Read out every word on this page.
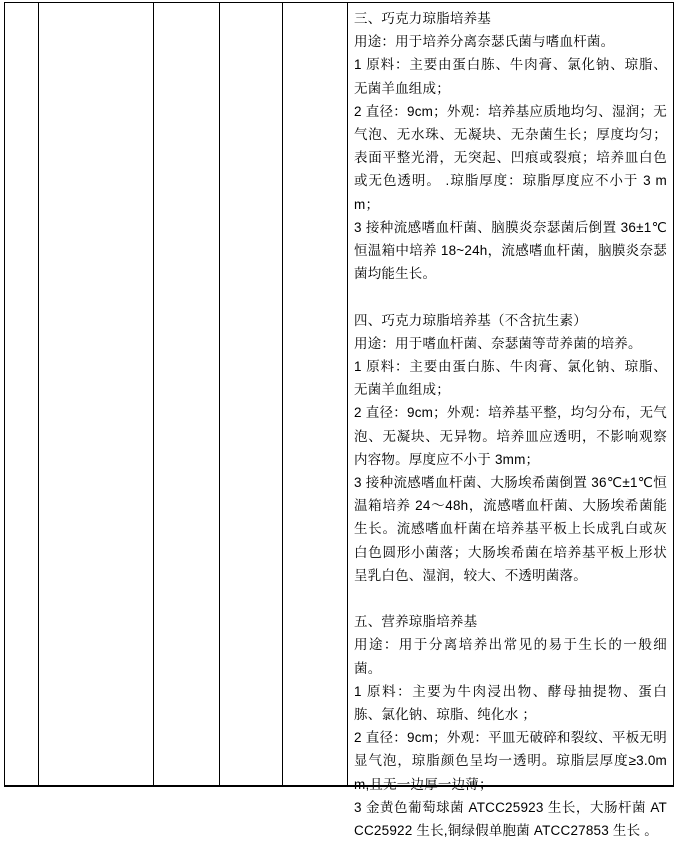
三、巧克力琼脂培养基
用途：用于培养分离奈瑟氏菌与嗜血杆菌。
1 原料：主要由蛋白胨、牛肉膏、氯化钠、琼脂、无菌羊血组成；
2 直径：9cm；外观：培养基应质地均匀、湿润；无气泡、无水珠、无凝块、无杂菌生长；厚度均匀；表面平整光滑，无突起、凹痕或裂痕；培养皿白色或无色透明。 .琼脂厚度：琼脂厚度应不小于 3 mm；
3 接种流感嗜血杆菌、脑膜炎奈瑟菌后倒置 36±1℃恒温箱中培养 18~24h，流感嗜血杆菌，脑膜炎奈瑟菌均能生长。
四、巧克力琼脂培养基（不含抗生素）
用途：用于嗜血杆菌、奈瑟菌等苛养菌的培养。
1 原料：主要由蛋白胨、牛肉膏、氯化钠、琼脂、无菌羊血组成；
2 直径：9cm；外观：培养基平整，均匀分布，无气泡、无凝块、无异物。培养皿应透明，不影响观察内容物。厚度应不小于 3mm；
3 接种流感嗜血杆菌、大肠埃希菌倒置 36℃±1℃恒温箱培养 24～48h，流感嗜血杆菌、大肠埃希菌能生长。流感嗜血杆菌在培养基平板上长成乳白或灰白色圆形小菌落；大肠埃希菌在培养基平板上形状呈乳白色、湿润，较大、不透明菌落。
五、营养琼脂培养基
用途：用于分离培养出常见的易于生长的一般细菌。
1 原料：主要为牛肉浸出物、酵母抽提物、蛋白胨、氯化钠、琼脂、纯化水 ；
2 直径：9cm；外观：平皿无破碎和裂纹、平板无明显气泡，琼脂颜色呈均一透明。琼脂层厚度≥3.0mm,且无一边厚一边薄；
3 金黄色葡萄球菌 ATCC25923 生长，大肠杆菌 ATCC25922 生长,铜绿假单胞菌 ATCC27853 生长 。
